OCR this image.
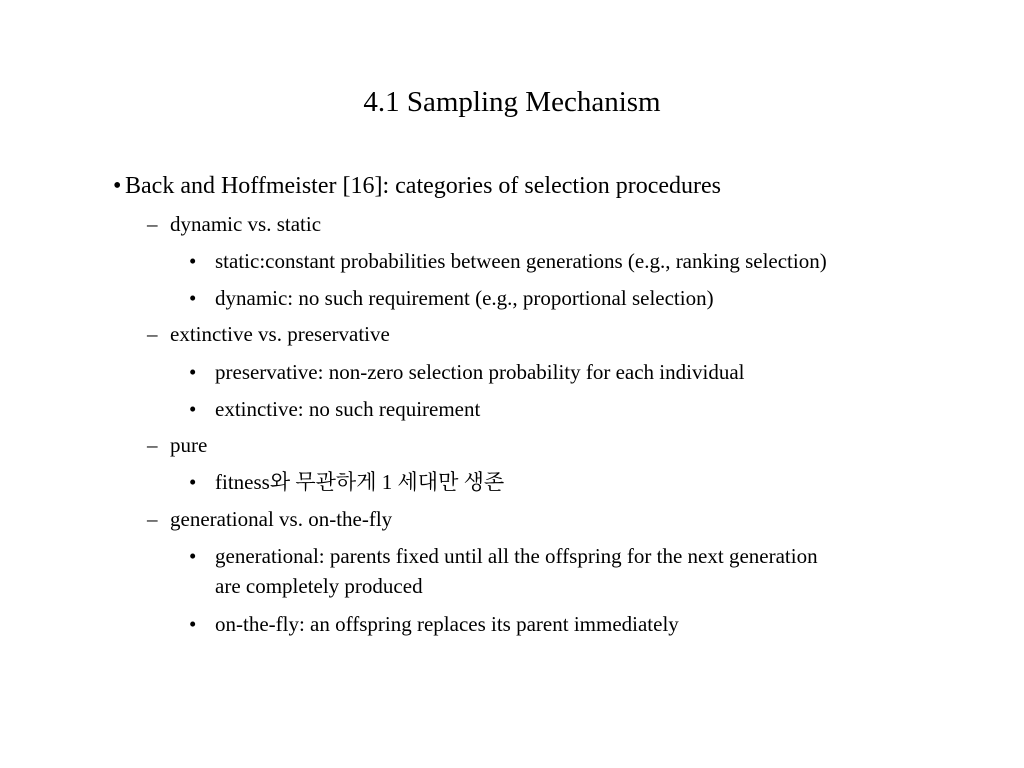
4.1 Sampling Mechanism
• Back and Hoffmeister [16]: categories of selection procedures
– dynamic vs. static
• static:constant probabilities between generations (e.g., ranking selection)
• dynamic: no such requirement (e.g., proportional selection)
– extinctive vs. preservative
• preservative: non-zero selection probability for each individual
• extinctive: no such requirement
– pure
• fitness와 무관하게 1 세대만 생존
– generational vs. on-the-fly
• generational: parents fixed until all the offspring for the next generation
are completely produced
• on-the-fly: an offspring replaces its parent immediately
